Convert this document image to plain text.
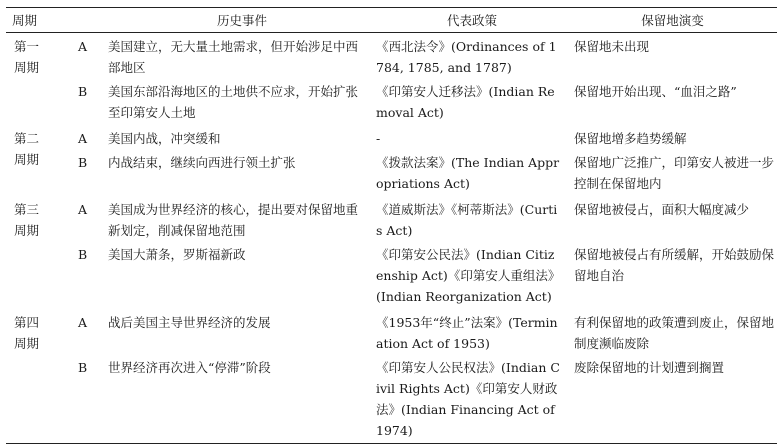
周期		历史事件	代表政策	保留地演变

第一周期	A	美国建立，无大量土地需求，但开始涉足中西部地区	《西北法令》(Ordinances of 1784, 1785, and 1787)	保留地未出现
	B	美国东部沿海地区的土地供不应求，开始扩张至印第安人土地	《印第安人迁移法》(Indian Removal Act)	保留地开始出现、“血泪之路”

第二周期	A	美国内战，冲突缓和	-	保留地增多趋势缓解
	B	内战结束，继续向西进行领土扩张	《拨款法案》(The Indian Appropriations Act)	保留地广泛推广，印第安人被进一步控制在保留地内

第三周期	A	美国成为世界经济的核心，提出要对保留地重新划定，削减保留地范围	《道威斯法》《柯蒂斯法》(Curtis Act)	保留地被侵占，面积大幅度减少
	B	美国大萧条，罗斯福新政	《印第安公民法》(Indian Citizenship Act)《印第安人重组法》(Indian Reorganization Act)	保留地被侵占有所缓解，开始鼓励保留地自治

第四周期	A	战后美国主导世界经济的发展	《1953年“终止”法案》(Termination Act of 1953)	有利保留地的政策遭到废止，保留地制度濒临废除
	B	世界经济再次进入“停滞”阶段	《印第安人公民权法》(Indian Civil Rights Act)《印第安人财政法》(Indian Financing Act of 1974)	废除保留地的计划遭到搁置
